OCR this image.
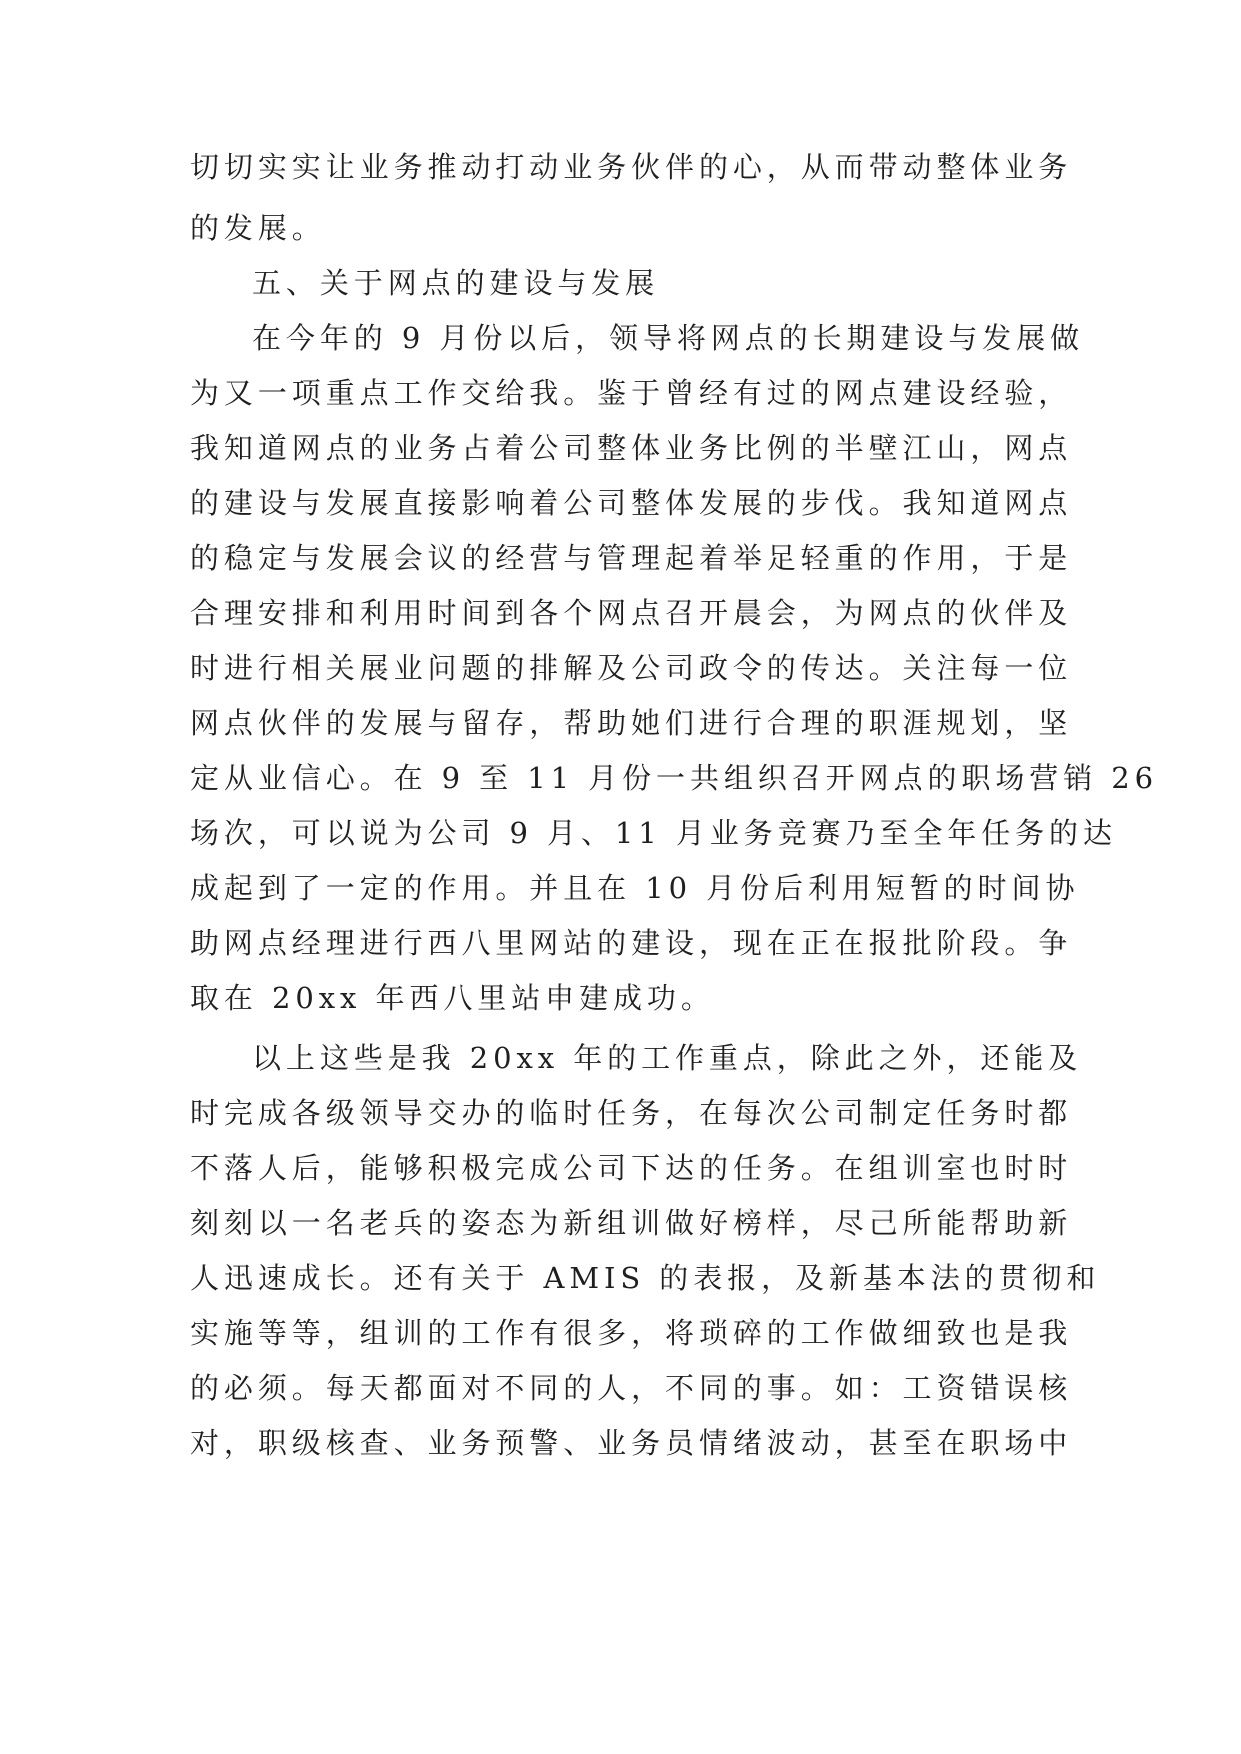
切切实实让业务推动打动业务伙伴的心，从而带动整体业务
的发展。
五、关于网点的建设与发展
在今年的 9 月份以后，领导将网点的长期建设与发展做
为又一项重点工作交给我。鉴于曾经有过的网点建设经验，
我知道网点的业务占着公司整体业务比例的半壁江山，网点
的建设与发展直接影响着公司整体发展的步伐。我知道网点
的稳定与发展会议的经营与管理起着举足轻重的作用，于是
合理安排和利用时间到各个网点召开晨会，为网点的伙伴及
时进行相关展业问题的排解及公司政令的传达。关注每一位
网点伙伴的发展与留存，帮助她们进行合理的职涯规划，坚
定从业信心。在 9 至 11 月份一共组织召开网点的职场营销 26
场次，可以说为公司 9 月、11 月业务竞赛乃至全年任务的达
成起到了一定的作用。并且在 10 月份后利用短暂的时间协
助网点经理进行西八里网站的建设，现在正在报批阶段。争
取在 20xx 年西八里站申建成功。
以上这些是我 20xx 年的工作重点，除此之外，还能及
时完成各级领导交办的临时任务，在每次公司制定任务时都
不落人后，能够积极完成公司下达的任务。在组训室也时时
刻刻以一名老兵的姿态为新组训做好榜样，尽己所能帮助新
人迅速成长。还有关于 AMIS 的表报，及新基本法的贯彻和
实施等等，组训的工作有很多，将琐碎的工作做细致也是我
的必须。每天都面对不同的人，不同的事。如：工资错误核
对，职级核查、业务预警、业务员情绪波动，甚至在职场中
